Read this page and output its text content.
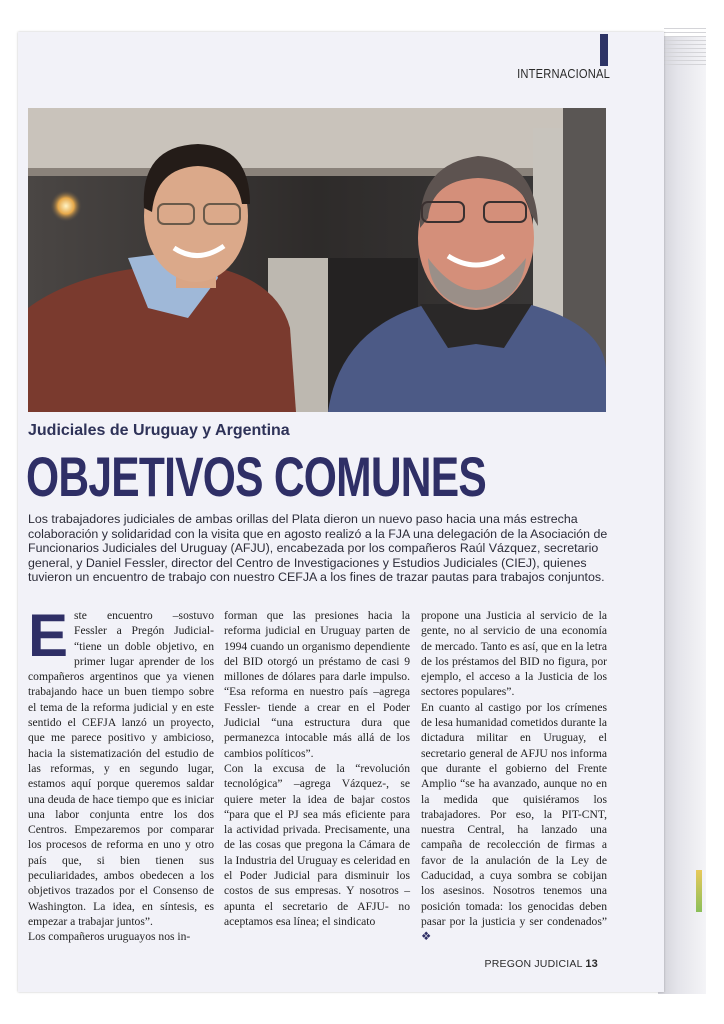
INTERNACIONAL
Judiciales de Uruguay y Argentina
OBJETIVOS COMUNES

Los trabajadores judiciales de ambas orillas del Plata dieron un nuevo paso hacia una más estrecha colaboración y solidaridad con la visita que en agosto realizó a la FJA una delegación de la Asociación de Funcionarios Judiciales del Uruguay (AFJU), encabezada por los compañeros Raúl Vázquez, secretario general, y Daniel Fessler, director del Centro de Investigaciones y Estudios Judiciales (CIEJ), quienes tuvieron un encuentro de trabajo con nuestro CEFJA a los fines de trazar pautas para trabajos conjuntos.

E ste encuentro –sostuvo Fessler a Pregón Judicial- “tiene un doble objetivo, en primer lugar aprender de los compañeros argentinos que ya vienen trabajando hace un buen tiempo sobre el tema de la reforma judicial y en este sentido el CEFJA lanzó un proyecto, que me parece positivo y ambicioso, hacia la sistematización del estudio de las reformas, y en segundo lugar, estamos aquí porque queremos saldar una deuda de hace tiempo que es iniciar una labor conjunta entre los dos Centros. Empezaremos por comparar los procesos de reforma en uno y otro país que, si bien tienen sus peculiaridades, ambos obedecen a los objetivos trazados por el Consenso de Washington. La idea, en síntesis, es empezar a trabajar juntos”.

Los compañeros uruguayos nos in-

forman que las presiones hacia la reforma judicial en Uruguay parten de 1994 cuando un organismo dependiente del BID otorgó un préstamo de casi 9 millones de dólares para darle impulso. “Esa reforma en nuestro país –agrega Fessler- tiende a crear en el Poder Judicial “una estructura dura que permanezca intocable más allá de los cambios políticos”.

Con la excusa de la “revolución tecnológica” –agrega Vázquez-, se quiere meter la idea de bajar costos “para que el PJ sea más eficiente para la actividad privada. Precisamente, una de las cosas que pregona la Cámara de la Industria del Uruguay es celeridad en el Poder Judicial para disminuir los costos de sus empresas. Y nosotros –apunta el secretario de AFJU- no aceptamos esa línea; el sindicato

propone una Justicia al servicio de la gente, no al servicio de una economía de mercado. Tanto es así, que en la letra de los préstamos del BID no figura, por ejemplo, el acceso a la Justicia de los sectores populares”.

En cuanto al castigo por los crímenes de lesa humanidad cometidos durante la dictadura militar en Uruguay, el secretario general de AFJU nos informa que durante el gobierno del Frente Amplio “se ha avanzado, aunque no en la medida que quisiéramos los trabajadores. Por eso, la PIT-CNT, nuestra Central, ha lanzado una campaña de recolección de firmas a favor de la anulación de la Ley de Caducidad, a cuya sombra se cobijan los asesinos. Nosotros tenemos una posición tomada: los genocidas deben pasar por la justicia y ser condenados” ❖

PREGON JUDICIAL 13
